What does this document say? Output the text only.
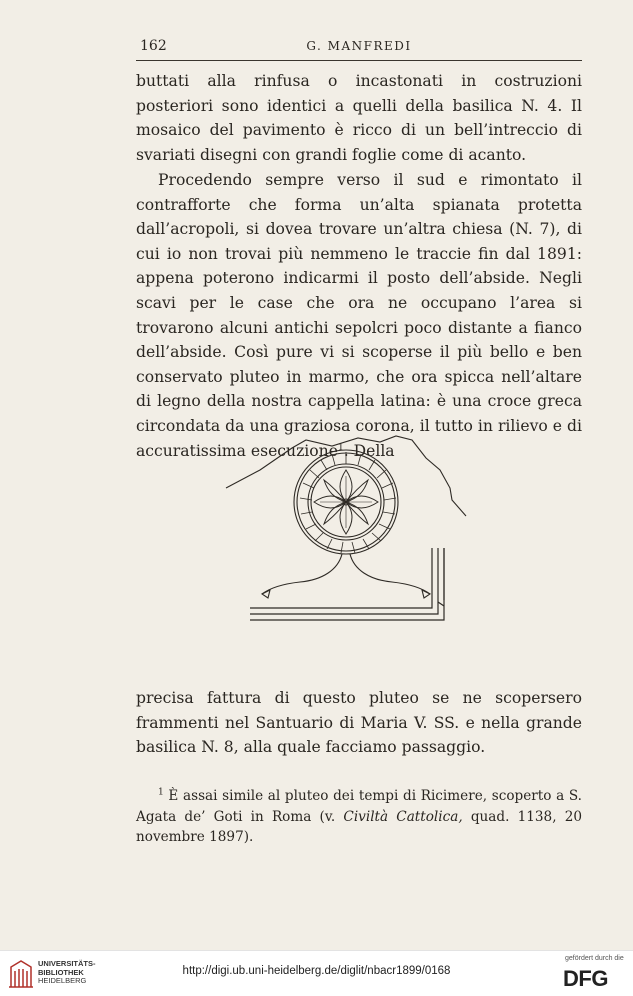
162	G. MANFREDI

buttati alla rinfusa o incastonati in costruzioni posteriori sono identici a quelli della basilica N. 4. Il mosaico del pavimento è ricco di un bell’intreccio di svariati disegni con grandi foglie come di acanto.

Procedendo sempre verso il sud e rimontato il contrafforte che forma un’alta spianata protetta dall’acropoli, si dovea trovare un’altra chiesa (N. 7), di cui io non trovai più nemmeno le traccie fin dal 1891: appena poterono indicarmi il posto dell’abside. Negli scavi per le case che ora ne occupano l’area si trovarono alcuni antichi sepolcri poco distante a fianco dell’abside. Così pure vi si scoperse il più bello e ben conservato pluteo in marmo, che ora spicca nell’altare di legno della nostra cappella latina: è una croce greca circondata da una graziosa corona, il tutto in rilievo e di accuratissima esecuzione$^1$. Della

precisa fattura di questo pluteo se ne scopersero frammenti nel Santuario di Maria V. SS. e nella grande basilica N. 8, alla quale facciamo passaggio.

$^1$ È assai simile al pluteo dei tempi di Ricimere, scoperto a S. Agata de’ Goti in Roma (v. Civiltà Cattolica, quad. 1138, 20 novembre 1897).

UNIVERSITÄTS-
BIBLIOTHEK
HEIDELBERG
http://digi.ub.uni-heidelberg.de/diglit/nbacr1899/0168
gefördert durch die
DFG
